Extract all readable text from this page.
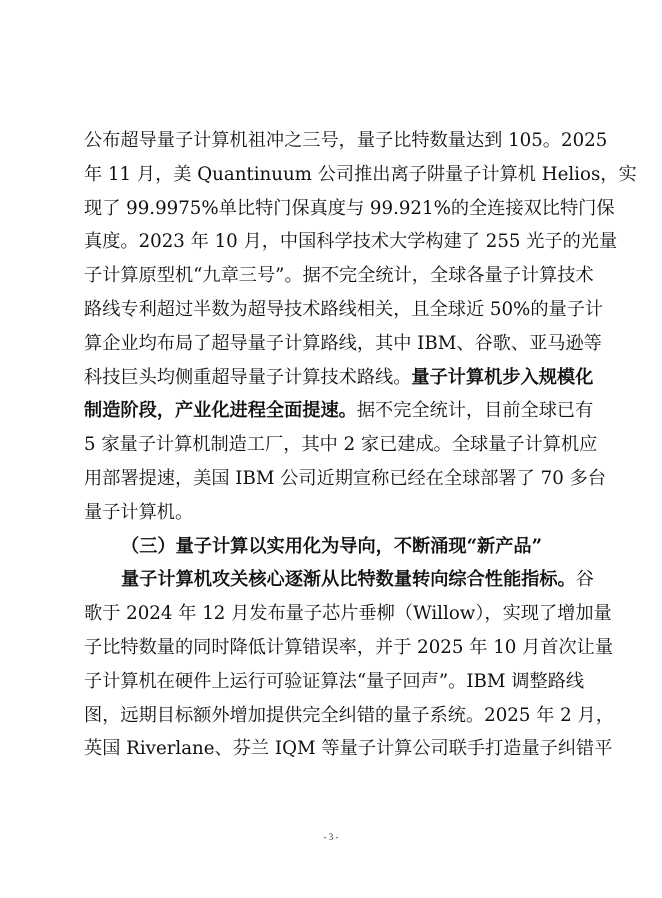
公布超导量子计算机祖冲之三号，量子比特数量达到 105。2025
年 11 月，美 Quantinuum 公司推出离子阱量子计算机 Helios，实
现了 99.9975%单比特门保真度与 99.921%的全连接双比特门保
真度。2023 年 10 月，中国科学技术大学构建了 255 光子的光量
子计算原型机“九章三号”。据不完全统计，全球各量子计算技术
路线专利超过半数为超导技术路线相关，且全球近 50%的量子计
算企业均布局了超导量子计算路线，其中 IBM、谷歌、亚马逊等
科技巨头均侧重超导量子计算技术路线。量子计算机步入规模化
制造阶段，产业化进程全面提速。据不完全统计，目前全球已有
5 家量子计算机制造工厂，其中 2 家已建成。全球量子计算机应
用部署提速，美国 IBM 公司近期宣称已经在全球部署了 70 多台
量子计算机。
（三）量子计算以实用化为导向，不断涌现“新产品”
量子计算机攻关核心逐渐从比特数量转向综合性能指标。谷
歌于 2024 年 12 月发布量子芯片垂柳（Willow），实现了增加量
子比特数量的同时降低计算错误率，并于 2025 年 10 月首次让量
子计算机在硬件上运行可验证算法“量子回声”。IBM 调整路线
图，远期目标额外增加提供完全纠错的量子系统。2025 年 2 月，
英国 Riverlane、芬兰 IQM 等量子计算公司联手打造量子纠错平
- 3 -
